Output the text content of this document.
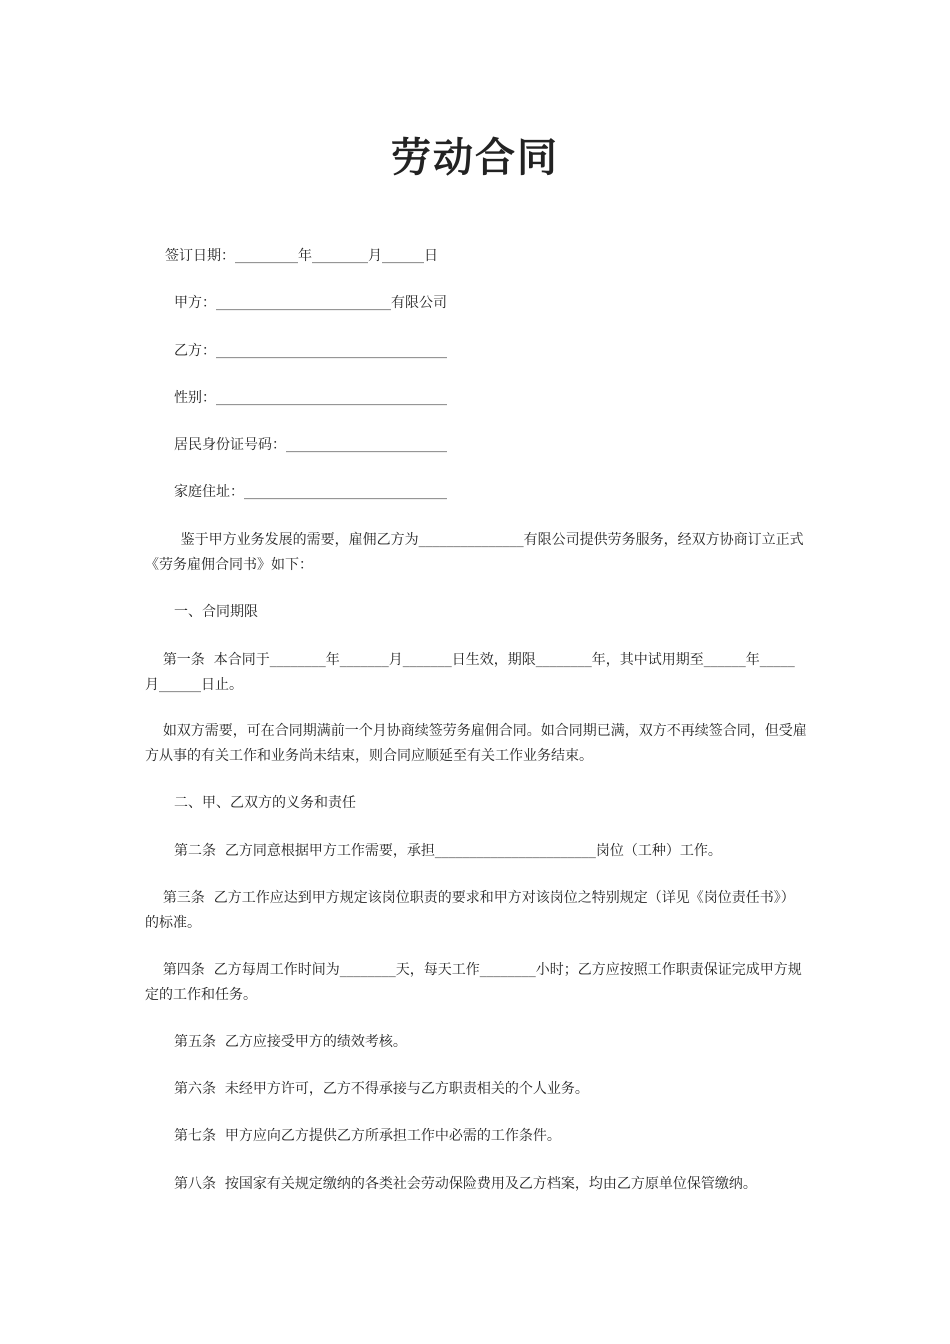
劳动合同
签订日期：_________年________月______日
甲方：_________________________有限公司
乙方：_________________________________
性别：_________________________________
居民身份证号码：_______________________
家庭住址：_____________________________
鉴于甲方业务发展的需要，雇佣乙方为_______________有限公司提供劳务服务，经双方协商订立正式《劳务雇佣合同书》如下：
一、合同期限
第一条  本合同于________年_______月_______日生效，期限________年，其中试用期至______年_____月______日止。
如双方需要，可在合同期满前一个月协商续签劳务雇佣合同。如合同期已满，双方不再续签合同，但受雇方从事的有关工作和业务尚未结束，则合同应顺延至有关工作业务结束。
二、甲、乙双方的义务和责任
第二条  乙方同意根据甲方工作需要，承担_______________________岗位（工种）工作。
第三条  乙方工作应达到甲方规定该岗位职责的要求和甲方对该岗位之特别规定（详见《岗位责任书》）的标准。
第四条  乙方每周工作时间为________天，每天工作________小时；乙方应按照工作职责保证完成甲方规定的工作和任务。
第五条  乙方应接受甲方的绩效考核。
第六条  未经甲方许可，乙方不得承接与乙方职责相关的个人业务。
第七条  甲方应向乙方提供乙方所承担工作中必需的工作条件。
第八条  按国家有关规定缴纳的各类社会劳动保险费用及乙方档案，均由乙方原单位保管缴纳。
